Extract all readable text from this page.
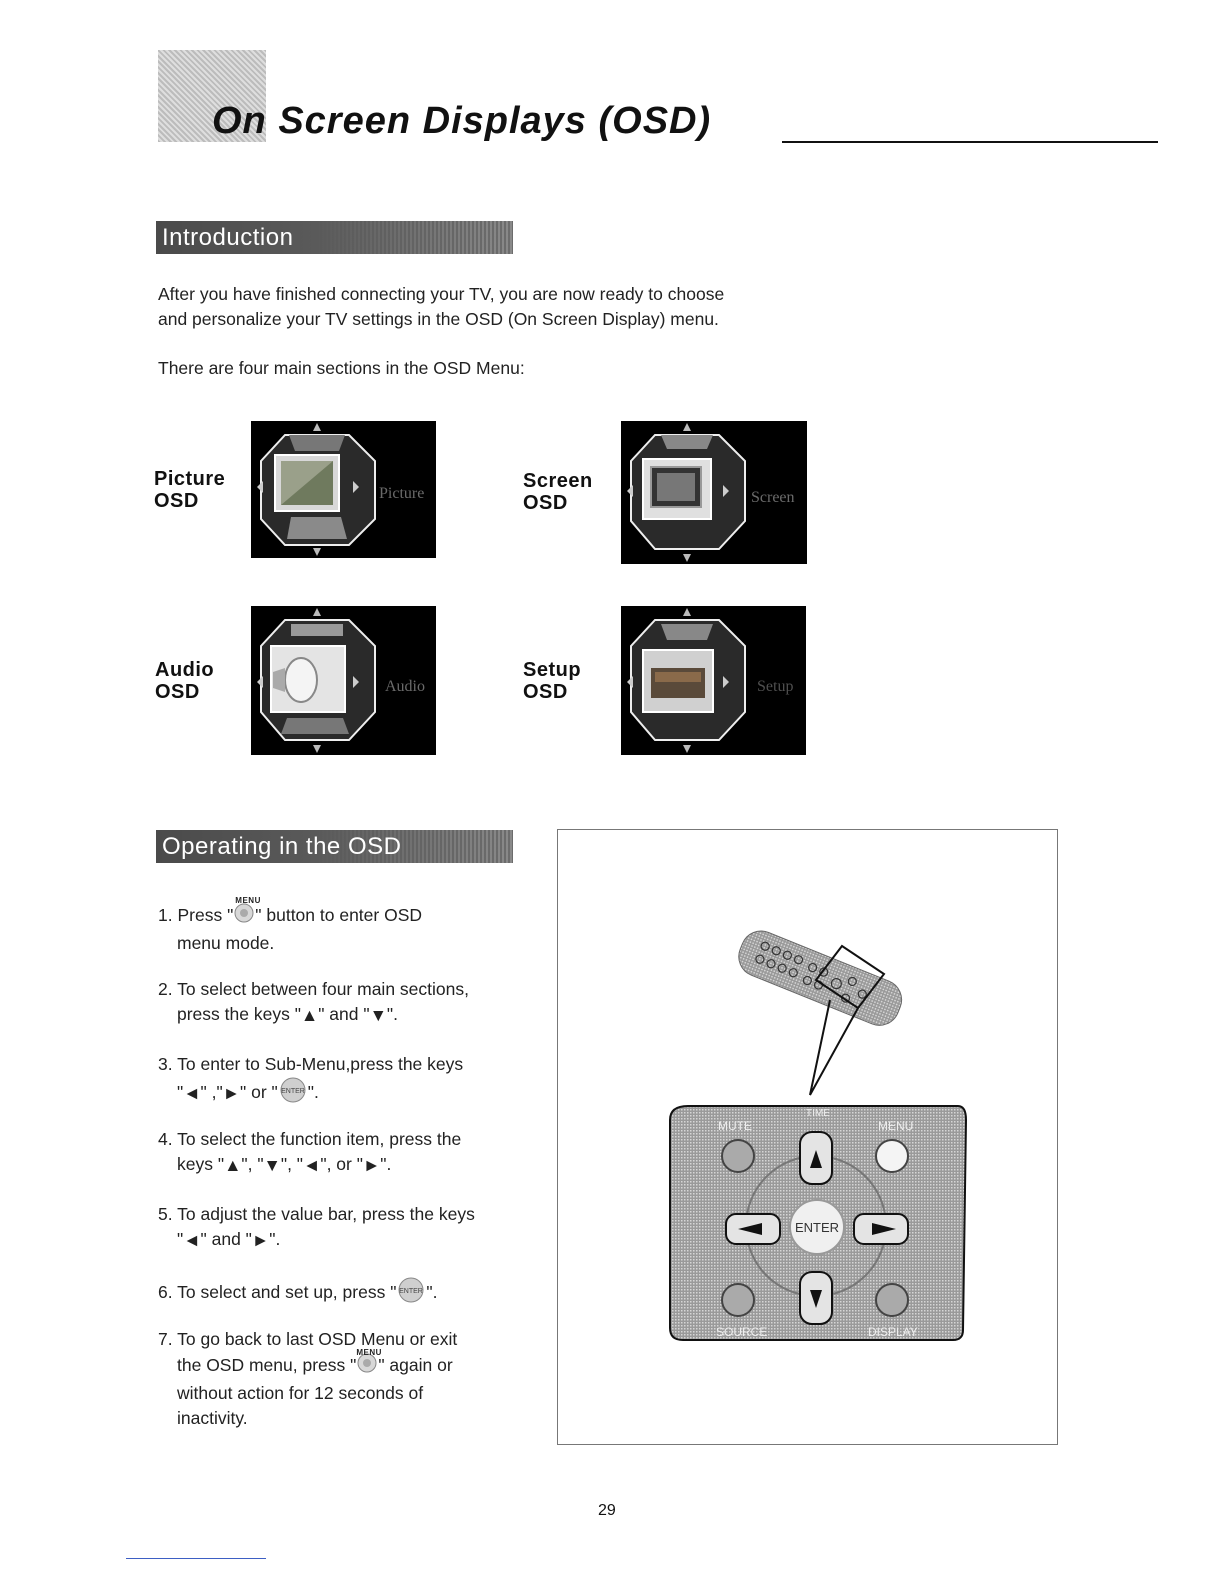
On Screen Displays (OSD)
Introduction
After you have finished connecting your TV, you are now ready to choose
and personalize your TV settings in the OSD (On Screen Display) menu.
There are four main sections in the OSD Menu:
Picture
OSD
Screen
OSD
Audio
OSD
Setup
OSD
Picture	Screen
Audio	Setup
Operating in the OSD
1. Press "
MENU
" button to enter OSD
menu mode.
2. To select between four main sections,
press the keys "▲" and "▼".
3. To enter to Sub-Menu,press the keys
"◄" ,"►" or " ENTER ".
4. To select the function item, press the
keys "▲", "▼", "◄", or "►".
5. To adjust the value bar, press the keys
"◄" and "►".
6. To select and set up, press " ENTER ".
7. To go back to last OSD Menu or exit
the OSD menu, press "
MENU
" again or
without action for 12 seconds of
inactivity.
ENTER
MUTE
TIME
MENU
SOURCE	DISPLAY
29
